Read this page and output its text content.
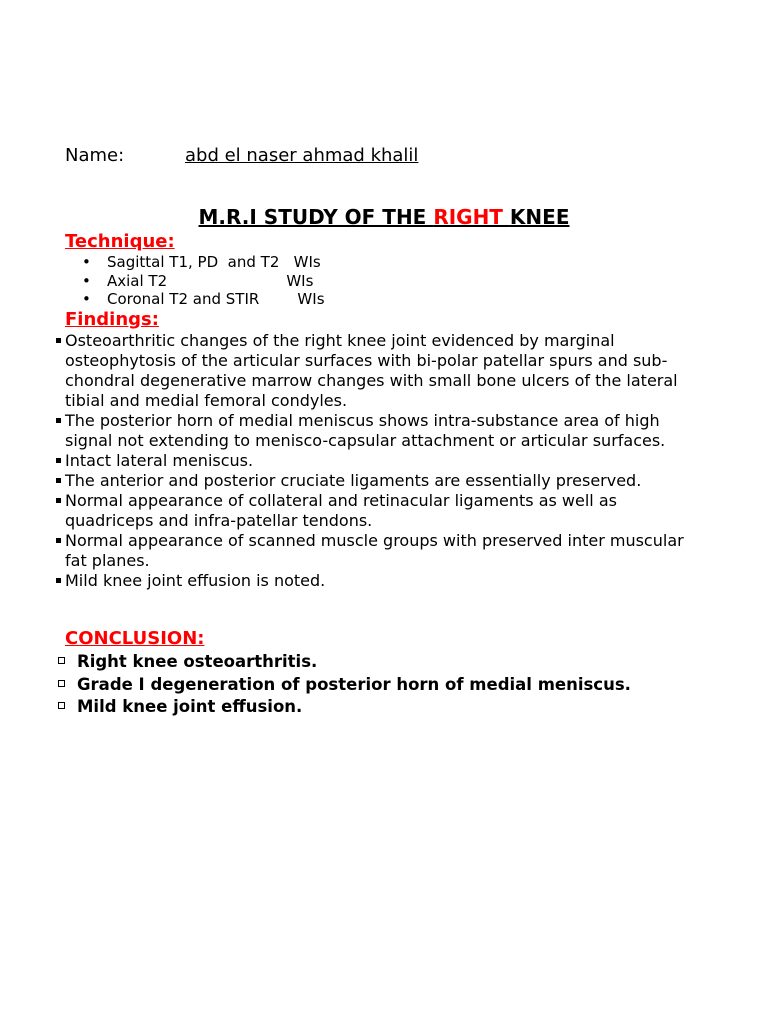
Name:	abd el naser ahmad khalil
M.R.I STUDY OF THE RIGHT KNEE
Technique:
• Sagittal T1, PD  and T2   WIs
• Axial T2                         WIs
• Coronal T2 and STIR        WIs
Findings:
Osteoarthritic changes of the right knee joint evidenced by marginal osteophytosis of the articular surfaces with bi-polar patellar spurs and sub-chondral degenerative marrow changes with small bone ulcers of the lateral tibial and medial femoral condyles.
The posterior horn of medial meniscus shows intra-substance area of high signal not extending to menisco-capsular attachment or articular surfaces.
Intact lateral meniscus.
The anterior and posterior cruciate ligaments are essentially preserved.
Normal appearance of collateral and retinacular ligaments as well as quadriceps and infra-patellar tendons.
Normal appearance of scanned muscle groups with preserved inter muscular fat planes.
Mild knee joint effusion is noted.
CONCLUSION:
Right knee osteoarthritis.
Grade I degeneration of posterior horn of medial meniscus.
Mild knee joint effusion.
